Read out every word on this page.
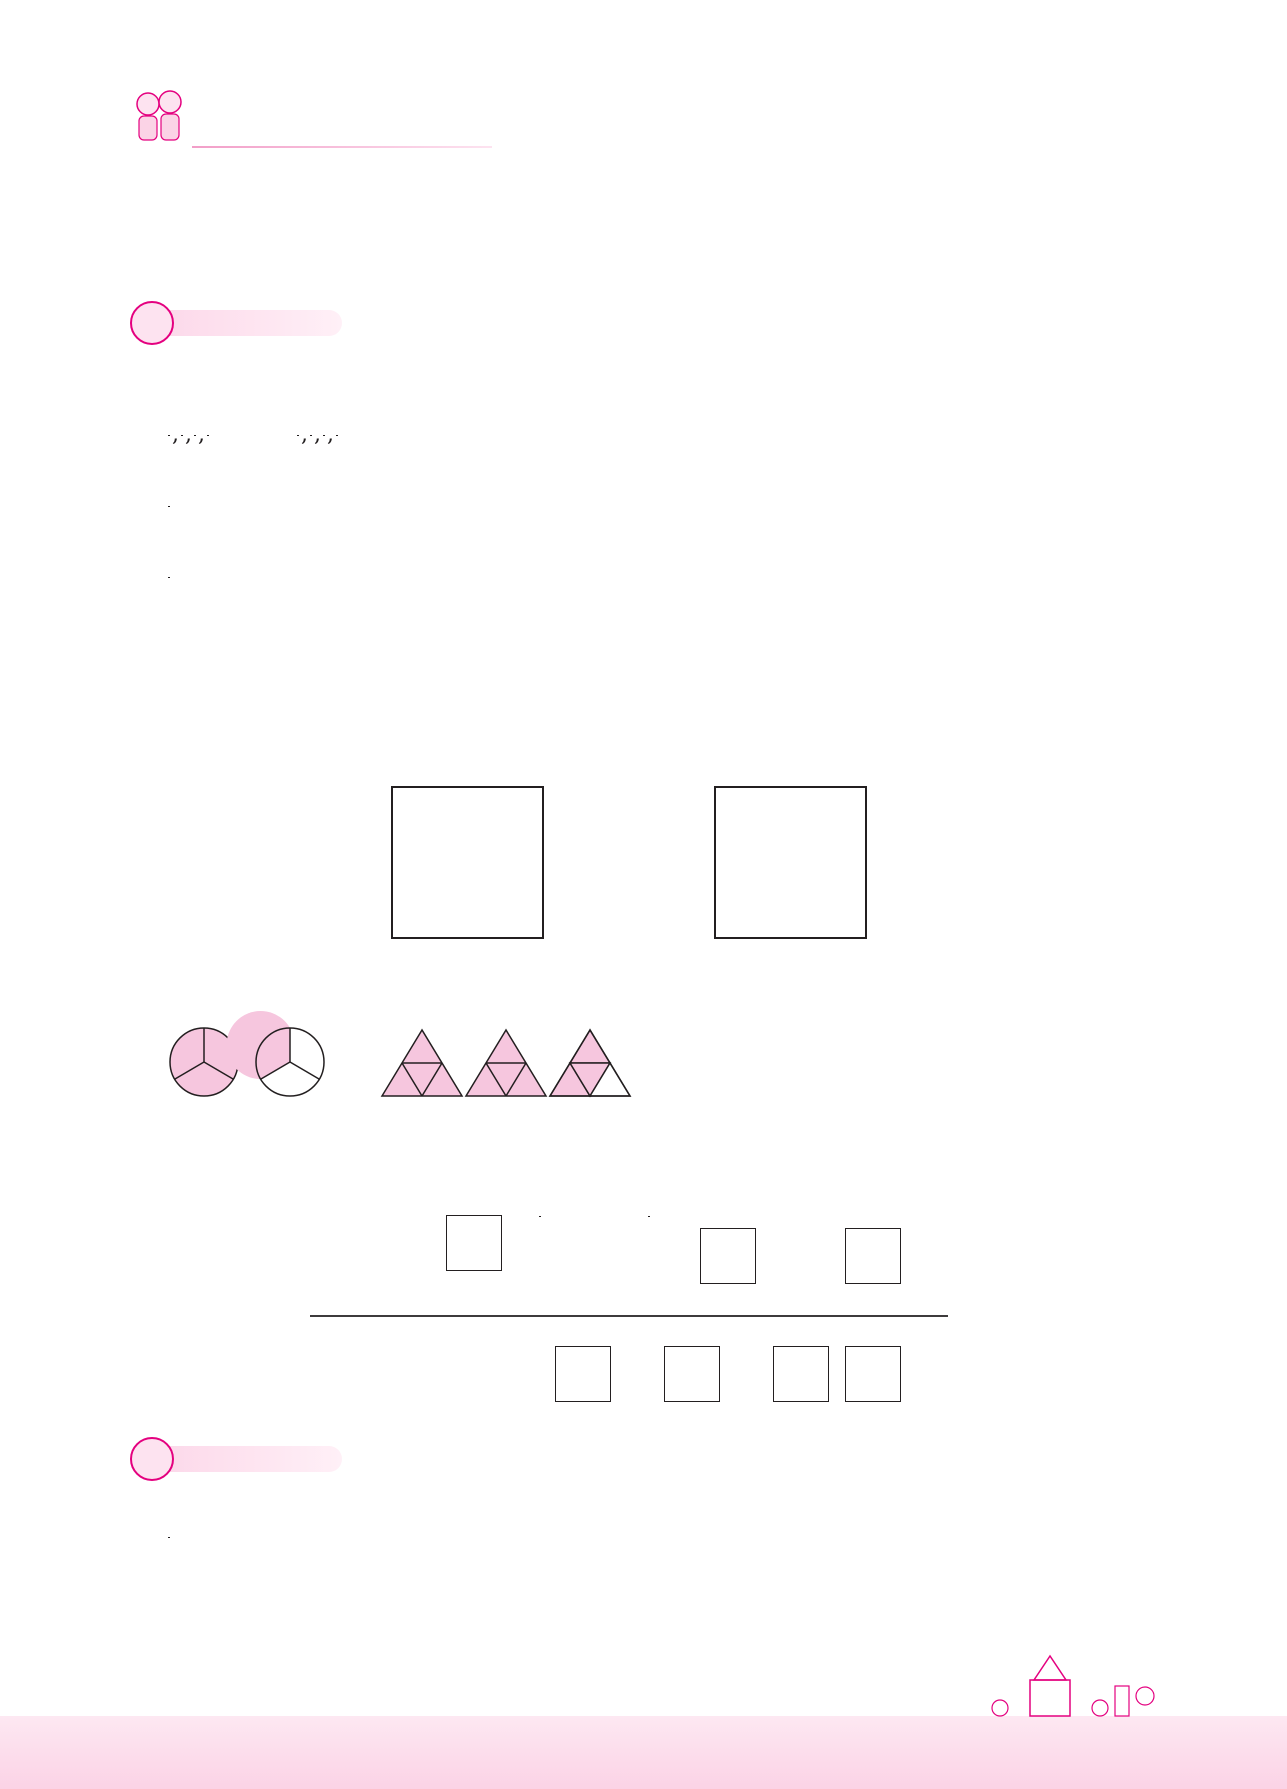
, , ,	, , ,
